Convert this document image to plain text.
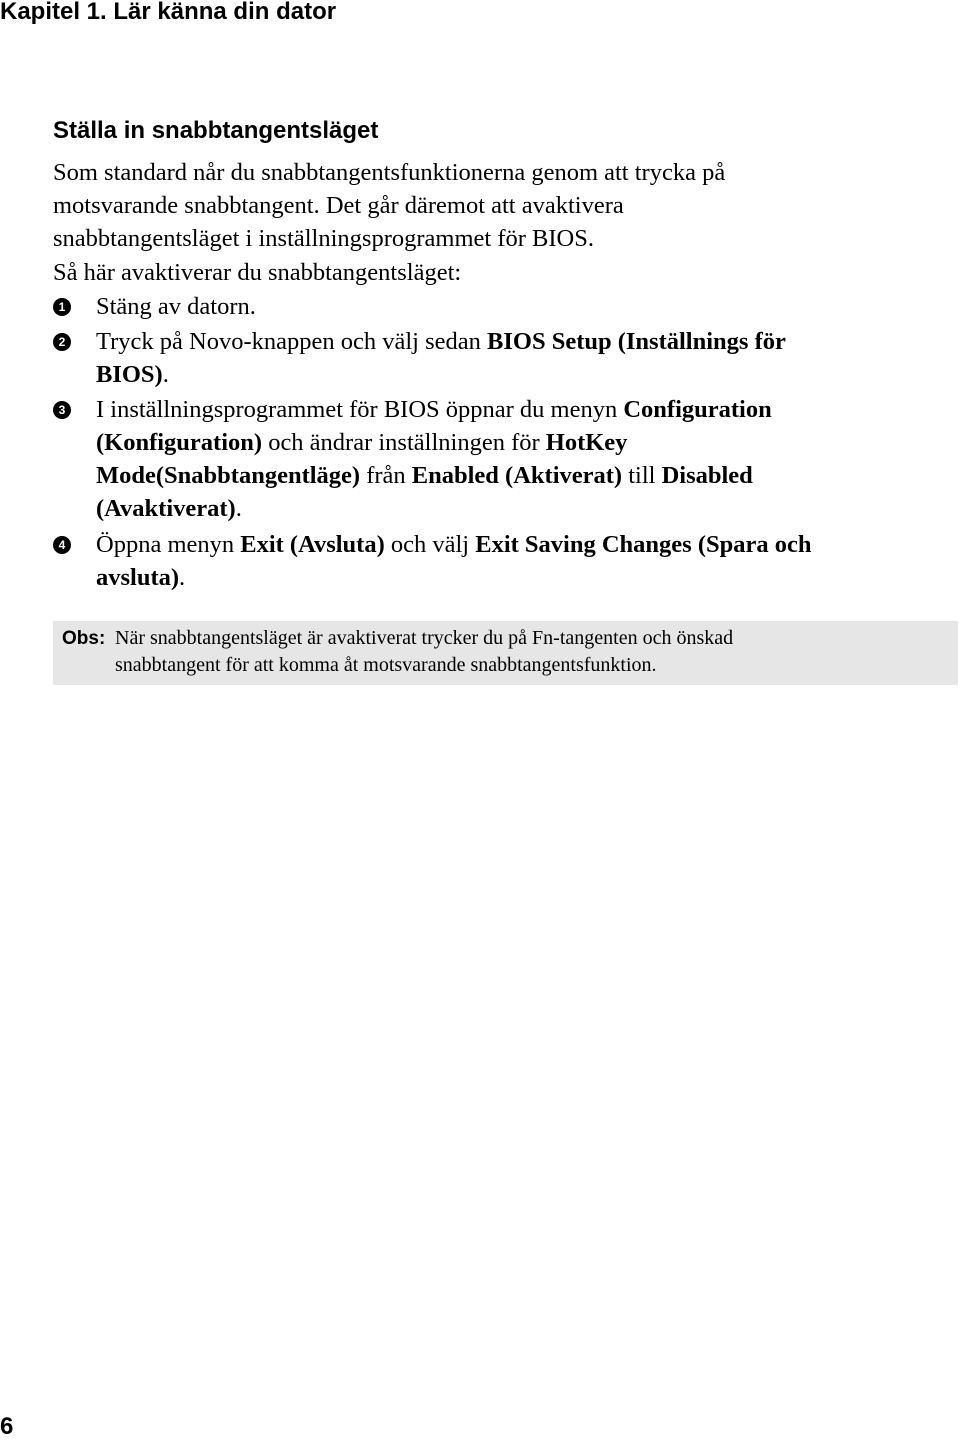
Kapitel 1. Lär känna din dator
Ställa in snabbtangentsläget
Som standard når du snabbtangentsfunktionerna genom att trycka på
motsvarande snabbtangent. Det går däremot att avaktivera
snabbtangentsläget i inställningsprogrammet för BIOS.
Så här avaktiverar du snabbtangentsläget:
1 Stäng av datorn.
2 Tryck på Novo-knappen och välj sedan BIOS Setup (Inställnings för
BIOS).
3 I inställningsprogrammet för BIOS öppnar du menyn Configuration
(Konfiguration) och ändrar inställningen för HotKey
Mode(Snabbtangentläge) från Enabled (Aktiverat) till Disabled
(Avaktiverat).
4 Öppna menyn Exit (Avsluta) och välj Exit Saving Changes (Spara och
avsluta).
Obs: När snabbtangentsläget är avaktiverat trycker du på Fn-tangenten och önskad
snabbtangent för att komma åt motsvarande snabbtangentsfunktion.
6
